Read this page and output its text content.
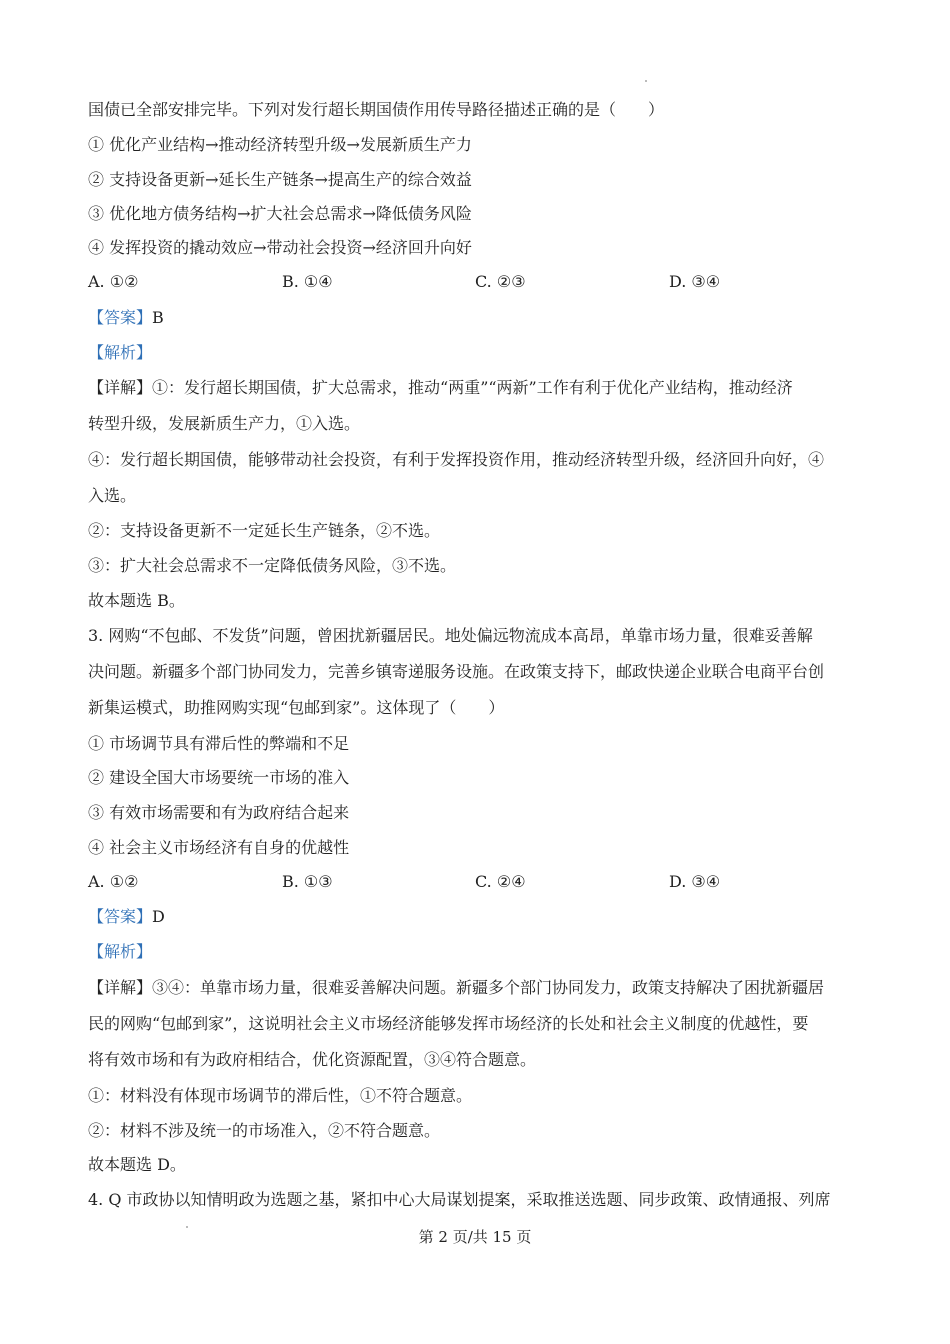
国债已全部安排完毕。下列对发行超长期国债作用传导路径描述正确的是（　　）
① 优化产业结构→推动经济转型升级→发展新质生产力
② 支持设备更新→延长生产链条→提高生产的综合效益
③ 优化地方债务结构→扩大社会总需求→降低债务风险
④ 发挥投资的撬动效应→带动社会投资→经济回升向好
A. ①②	B. ①④	C. ②③	D. ③④
【答案】B
【解析】
【详解】①：发行超长期国债，扩大总需求，推动“两重”“两新”工作有利于优化产业结构，推动经济
转型升级，发展新质生产力，①入选。
④：发行超长期国债，能够带动社会投资，有利于发挥投资作用，推动经济转型升级，经济回升向好，④
入选。
②：支持设备更新不一定延长生产链条，②不选。
③：扩大社会总需求不一定降低债务风险，③不选。
故本题选 B。
3. 网购“不包邮、不发货”问题，曾困扰新疆居民。地处偏远物流成本高昂，单靠市场力量，很难妥善解
决问题。新疆多个部门协同发力，完善乡镇寄递服务设施。在政策支持下，邮政快递企业联合电商平台创
新集运模式，助推网购实现“包邮到家”。这体现了（　　）
① 市场调节具有滞后性的弊端和不足
② 建设全国大市场要统一市场的准入
③ 有效市场需要和有为政府结合起来
④ 社会主义市场经济有自身的优越性
A. ①②	B. ①③	C. ②④	D. ③④
【答案】D
【解析】
【详解】③④：单靠市场力量，很难妥善解决问题。新疆多个部门协同发力，政策支持解决了困扰新疆居
民的网购“包邮到家”，这说明社会主义市场经济能够发挥市场经济的长处和社会主义制度的优越性，要
将有效市场和有为政府相结合，优化资源配置，③④符合题意。
①：材料没有体现市场调节的滞后性，①不符合题意。
②：材料不涉及统一的市场准入，②不符合题意。
故本题选 D。
4. Q 市政协以知情明政为选题之基，紧扣中心大局谋划提案，采取推送选题、同步政策、政情通报、列席
第 2 页/共 15 页
